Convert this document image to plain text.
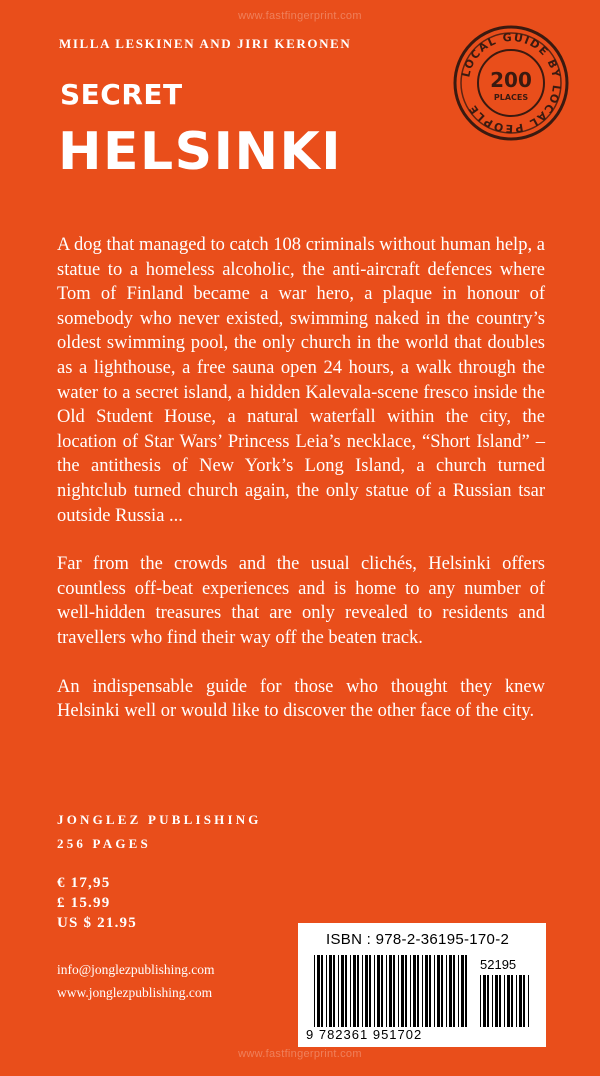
www.fastfingerprint.com
MILLA LESKINEN AND JIRI KERONEN
SECRET
HELSINKI
LOCAL GUIDE BY LOCAL PEOPLE
200
PLACES

A dog that managed to catch 108 criminals without human help, a statue to a homeless alcoholic, the anti-aircraft defences where Tom of Finland became a war hero, a plaque in honour of somebody who never existed, swimming naked in the country’s oldest swimming pool, the only church in the world that doubles as a lighthouse, a free sauna open 24 hours, a walk through the water to a secret island, a hidden Kalevala-scene fresco inside the Old Student House, a natural waterfall within the city, the location of Star Wars’ Princess Leia’s necklace, “Short Island” – the antithesis of New York’s Long Island, a church turned nightclub turned church again, the only statue of a Russian tsar outside Russia ...

Far from the crowds and the usual clichés, Helsinki offers countless off-beat experiences and is home to any number of well-hidden treasures that are only revealed to residents and travellers who find their way off the beaten track.

An indispensable guide for those who thought they knew Helsinki well or would like to discover the other face of the city.

JONGLEZ PUBLISHING
256 PAGES
€ 17,95
£ 15.99
US $ 21.95
info@jonglezpublishing.com
www.jonglezpublishing.com
ISBN : 978-2-36195-170-2
52195
9 782361 951702
www.fastfingerprint.com
